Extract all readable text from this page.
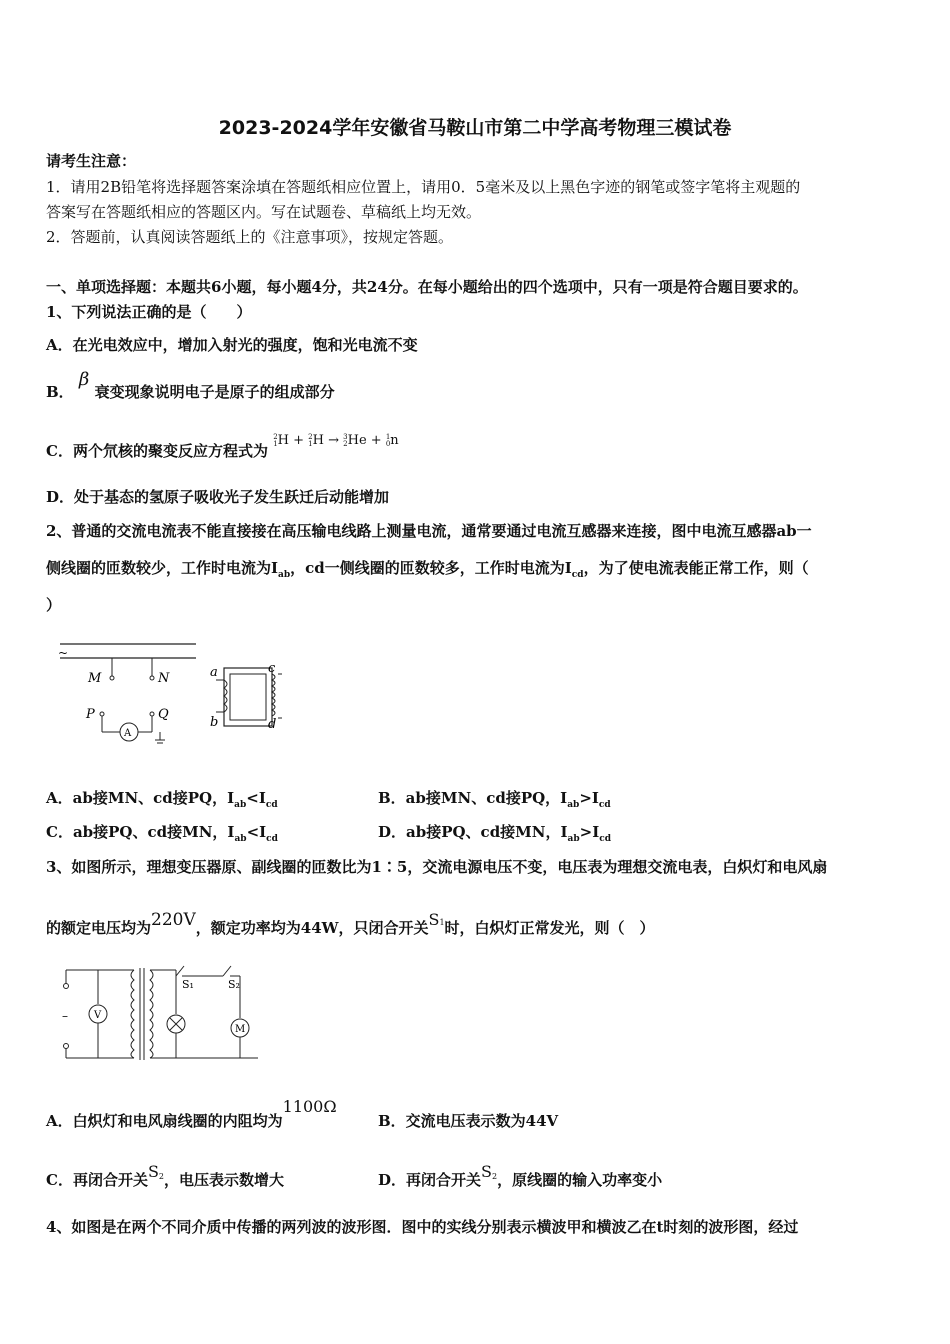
2023-2024学年安徽省马鞍山市第二中学高考物理三模试卷
请考生注意：
1．请用2B铅笔将选择题答案涂填在答题纸相应位置上，请用0．5毫米及以上黑色字迹的钢笔或签字笔将主观题的
答案写在答题纸相应的答题区内。写在试题卷、草稿纸上均无效。
2．答题前，认真阅读答题纸上的《注意事项》，按规定答题。
一、单项选择题：本题共6小题，每小题4分，共24分。在每小题给出的四个选项中，只有一项是符合题目要求的。
1、下列说法正确的是（　　）
A．在光电效应中，增加入射光的强度，饱和光电流不变
B． β 衰变现象说明电子是原子的组成部分
C．两个氘核的聚变反应方程式为 2
1H + 2
1H → 3
2He + 1
0n
D．处于基态的氢原子吸收光子发生跃迁后动能增加
2、普通的交流电流表不能直接接在高压输电线路上测量电流，通常要通过电流互感器来连接，图中电流互感器ab一
侧线圈的匝数较少，工作时电流为$I_{ab}$，cd一侧线圈的匝数较多，工作时电流为$I_{cd}$，为了使电流表能正常工作，则（
）
~
M	N
P	Q
A
a
b
c
d
A．ab接MN、cd接PQ，$I_{ab}<I_{cd}$	B．ab接MN、cd接PQ，$I_{ab}>I_{cd}$
C．ab接PQ、cd接MN，$I_{ab}<I_{cd}$	D．ab接PQ、cd接MN，$I_{ab}>I_{cd}$
3、如图所示，理想变压器原、副线圈的匝数比为1∶5，交流电源电压不变，电压表为理想交流电表，白炽灯和电风扇
的额定电压均为220V，额定功率均为44W，只闭合开关$S^1$时，白炽灯正常发光，则（　）
–	V
S₁	S₂
M
A．白炽灯和电风扇线圈的内阻均为1100Ω
B．交流电压表示数为44V
C．再闭合开关$S^2$，电压表示数增大	D．再闭合开关$S^2$，原线圈的输入功率变小
4、如图是在两个不同介质中传播的两列波的波形图．图中的实线分别表示横波甲和横波乙在t时刻的波形图，经过
